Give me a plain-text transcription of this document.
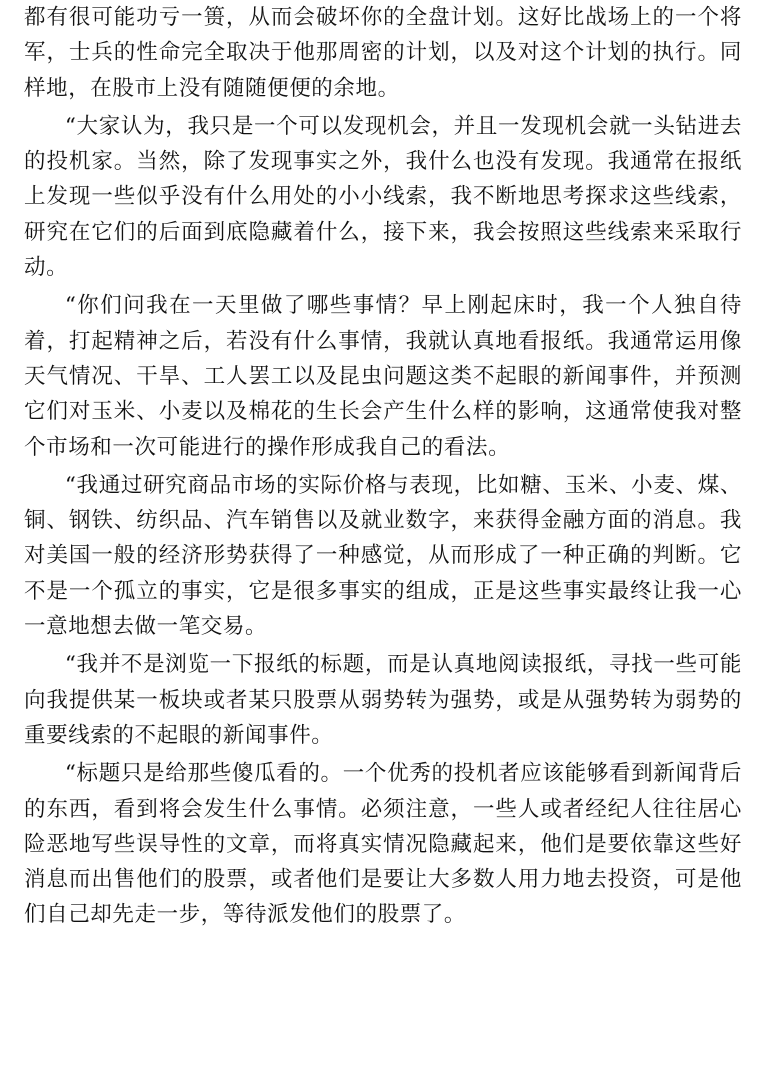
都有很可能功亏一篑，从而会破坏你的全盘计划。这好比战场上的一个将军，士兵的性命完全取决于他那周密的计划，以及对这个计划的执行。同样地，在股市上没有随随便便的余地。

“大家认为，我只是一个可以发现机会，并且一发现机会就一头钻进去的投机家。当然，除了发现事实之外，我什么也没有发现。我通常在报纸上发现一些似乎没有什么用处的小小线索，我不断地思考探求这些线索，研究在它们的后面到底隐藏着什么，接下来，我会按照这些线索来采取行动。

“你们问我在一天里做了哪些事情？早上刚起床时，我一个人独自待着，打起精神之后，若没有什么事情，我就认真地看报纸。我通常运用像天气情况、干旱、工人罢工以及昆虫问题这类不起眼的新闻事件，并预测它们对玉米、小麦以及棉花的生长会产生什么样的影响，这通常使我对整个市场和一次可能进行的操作形成我自己的看法。

“我通过研究商品市场的实际价格与表现，比如糖、玉米、小麦、煤、铜、钢铁、纺织品、汽车销售以及就业数字，来获得金融方面的消息。我对美国一般的经济形势获得了一种感觉，从而形成了一种正确的判断。它不是一个孤立的事实，它是很多事实的组成，正是这些事实最终让我一心一意地想去做一笔交易。

“我并不是浏览一下报纸的标题，而是认真地阅读报纸，寻找一些可能向我提供某一板块或者某只股票从弱势转为强势，或是从强势转为弱势的重要线索的不起眼的新闻事件。

“标题只是给那些傻瓜看的。一个优秀的投机者应该能够看到新闻背后的东西，看到将会发生什么事情。必须注意，一些人或者经纪人往往居心险恶地写些误导性的文章，而将真实情况隐藏起来，他们是要依靠这些好消息而出售他们的股票，或者他们是要让大多数人用力地去投资，可是他们自己却先走一步，等待派发他们的股票了。
